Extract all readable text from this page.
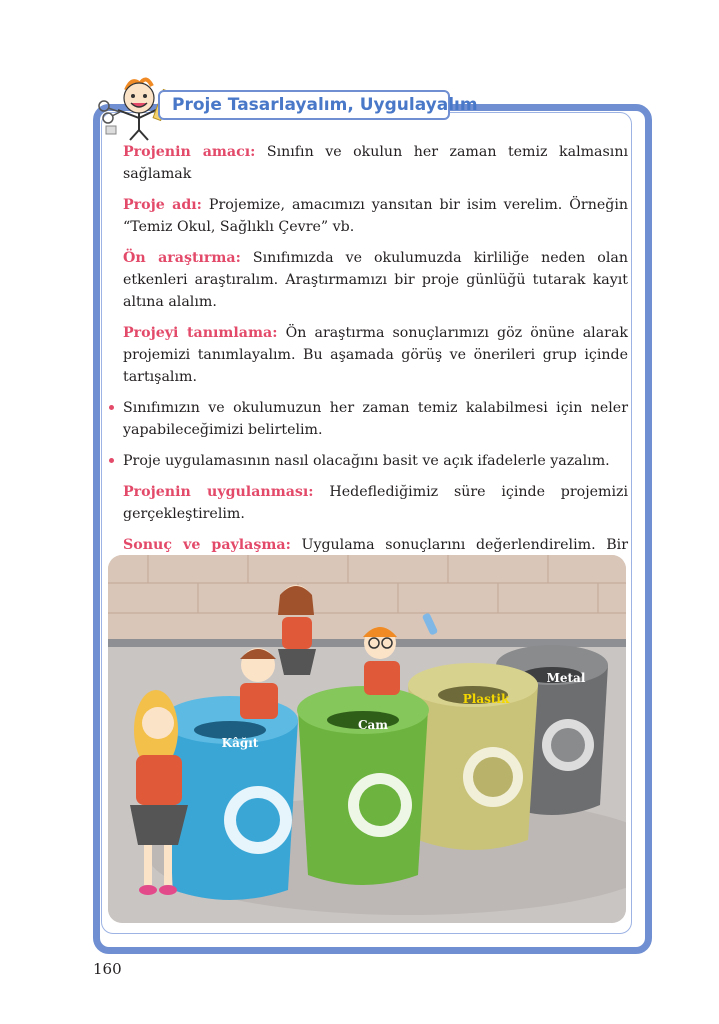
Proje Tasarlayalım, Uygulayalım

Projenin amacı: Sınıfın ve okulun her zaman temiz kalmasını sağlamak

Proje adı: Projemize, amacımızı yansıtan bir isim verelim. Örneğin “Temiz Okul, Sağlıklı Çevre” vb.

Ön araştırma: Sınıfımızda ve okulumuzda kirliliğe neden olan etkenleri araştıralım. Araştırmamızı bir proje günlüğü tutarak kayıt altına alalım.

Projeyi tanımlama: Ön araştırma sonuçlarımızı göz önüne alarak projemizi tanımlayalım. Bu aşamada görüş ve önerileri grup içinde tartışalım.

Sınıfımızın ve okulumuzun her zaman temiz kalabilmesi için neler yapabileceğimizi belirtelim.

Proje uygulamasının nasıl olacağını basit ve açık ifadelerle yazalım.

Projenin uygulanması: Hedeflediğimiz süre içinde projemizi gerçekleştirelim.

Sonuç ve paylaşma: Uygulama sonuçlarını değerlendirelim. Bir

Kâğıt
Cam
Plastik
Metal
160
